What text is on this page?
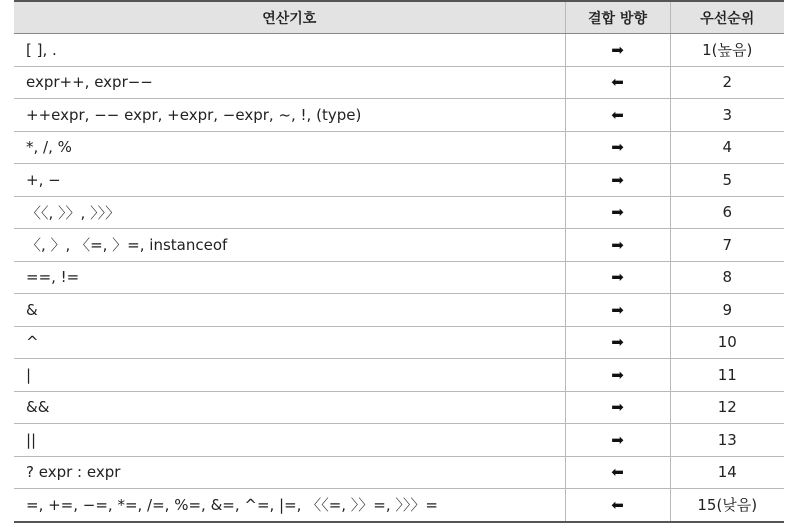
연산기호	결합 방향	우선순위
[ ], .	➡	1(높음)
expr++, expr−−	⬅	2
++expr, −− expr, +expr, −expr, ~, !, (type)	⬅	3
*, /, %	➡	4
+, −	➡	5
〈〈, 〉〉, 〉〉〉	➡	6
〈, 〉, 〈=, 〉=, instanceof	➡	7
==, !=	➡	8
&	➡	9
^	➡	10
|	➡	11
&&	➡	12
||	➡	13
? expr : expr	⬅	14
=, +=, −=, *=, /=, %=, &=, ^=, |=, 〈〈=, 〉〉=, 〉〉〉=	⬅	15(낮음)
